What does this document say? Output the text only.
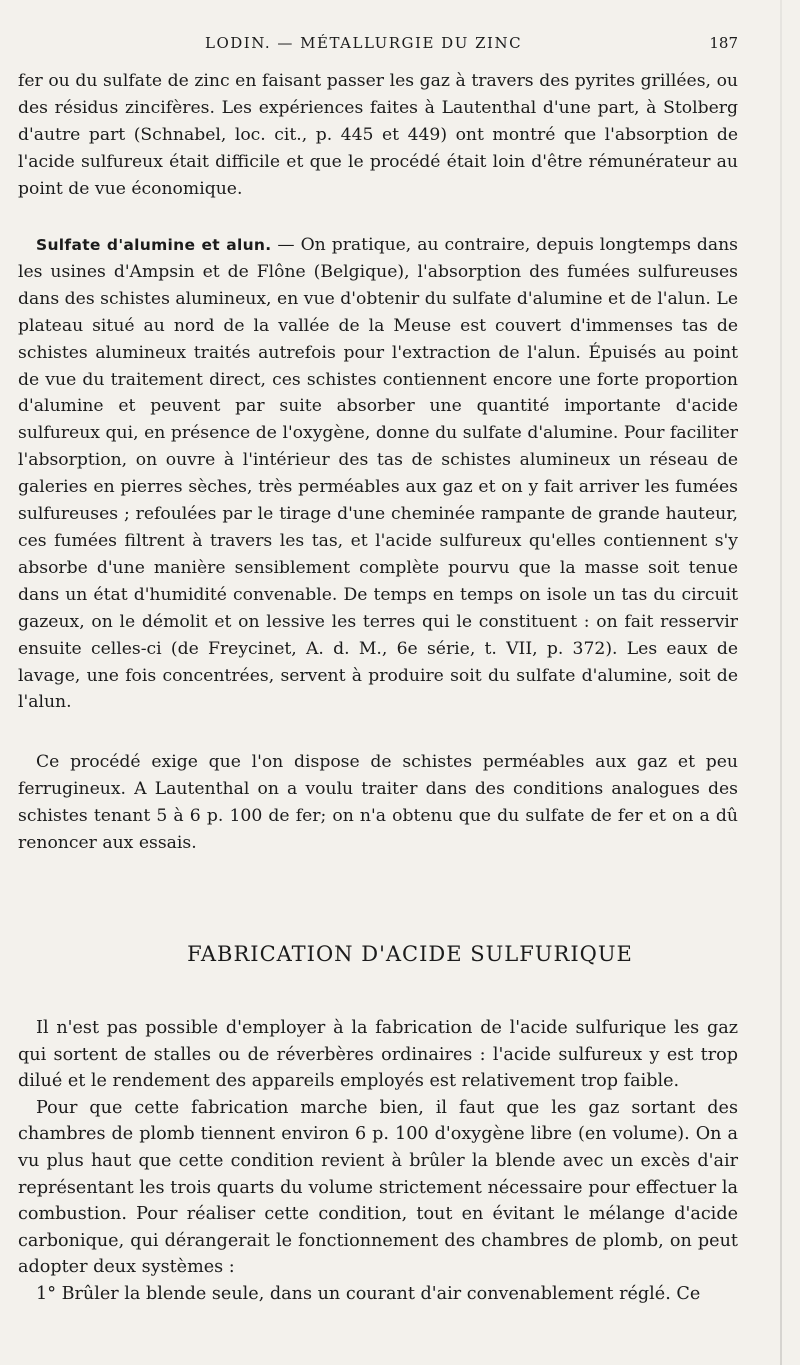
LODIN. — MÉTALLURGIE DU ZINC	187

fer ou du sulfate de zinc en faisant passer les gaz à travers des pyrites grillées, ou des résidus zincifères. Les expériences faites à Lautenthal d'une part, à Stolberg d'autre part (Schnabel, loc. cit., p. 445 et 449) ont montré que l'absorption de l'acide sulfureux était difficile et que le procédé était loin d'être rémunérateur au point de vue économique.

Sulfate d'alumine et alun. — On pratique, au contraire, depuis longtemps dans les usines d'Ampsin et de Flône (Belgique), l'absorption des fumées sulfureuses dans des schistes alumineux, en vue d'obtenir du sulfate d'alumine et de l'alun. Le plateau situé au nord de la vallée de la Meuse est couvert d'immenses tas de schistes alumineux traités autrefois pour l'extraction de l'alun. Épuisés au point de vue du traitement direct, ces schistes contiennent encore une forte proportion d'alumine et peuvent par suite absorber une quantité importante d'acide sulfureux qui, en présence de l'oxygène, donne du sulfate d'alumine. Pour faciliter l'absorption, on ouvre à l'intérieur des tas de schistes alumineux un réseau de galeries en pierres sèches, très perméables aux gaz et on y fait arriver les fumées sulfureuses ; refoulées par le tirage d'une cheminée rampante de grande hauteur, ces fumées filtrent à travers les tas, et l'acide sulfureux qu'elles contiennent s'y absorbe d'une manière sensiblement complète pourvu que la masse soit tenue dans un état d'humidité convenable. De temps en temps on isole un tas du circuit gazeux, on le démolit et on lessive les terres qui le constituent : on fait resservir ensuite celles-ci (de Freycinet, A. d. M., 6e série, t. VII, p. 372). Les eaux de lavage, une fois concentrées, servent à produire soit du sulfate d'alumine, soit de l'alun.

Ce procédé exige que l'on dispose de schistes perméables aux gaz et peu ferrugineux. A Lautenthal on a voulu traiter dans des conditions analogues des schistes tenant 5 à 6 p. 100 de fer; on n'a obtenu que du sulfate de fer et on a dû renoncer aux essais.

FABRICATION D'ACIDE SULFURIQUE

Il n'est pas possible d'employer à la fabrication de l'acide sulfurique les gaz qui sortent de stalles ou de réverbères ordinaires : l'acide sulfureux y est trop dilué et le rendement des appareils employés est relativement trop faible.

Pour que cette fabrication marche bien, il faut que les gaz sortant des chambres de plomb tiennent environ 6 p. 100 d'oxygène libre (en volume). On a vu plus haut que cette condition revient à brûler la blende avec un excès d'air représentant les trois quarts du volume strictement nécessaire pour effectuer la combustion. Pour réaliser cette condition, tout en évitant le mélange d'acide carbonique, qui dérangerait le fonctionnement des chambres de plomb, on peut adopter deux systèmes :

1° Brûler la blende seule, dans un courant d'air convenablement réglé. Ce
